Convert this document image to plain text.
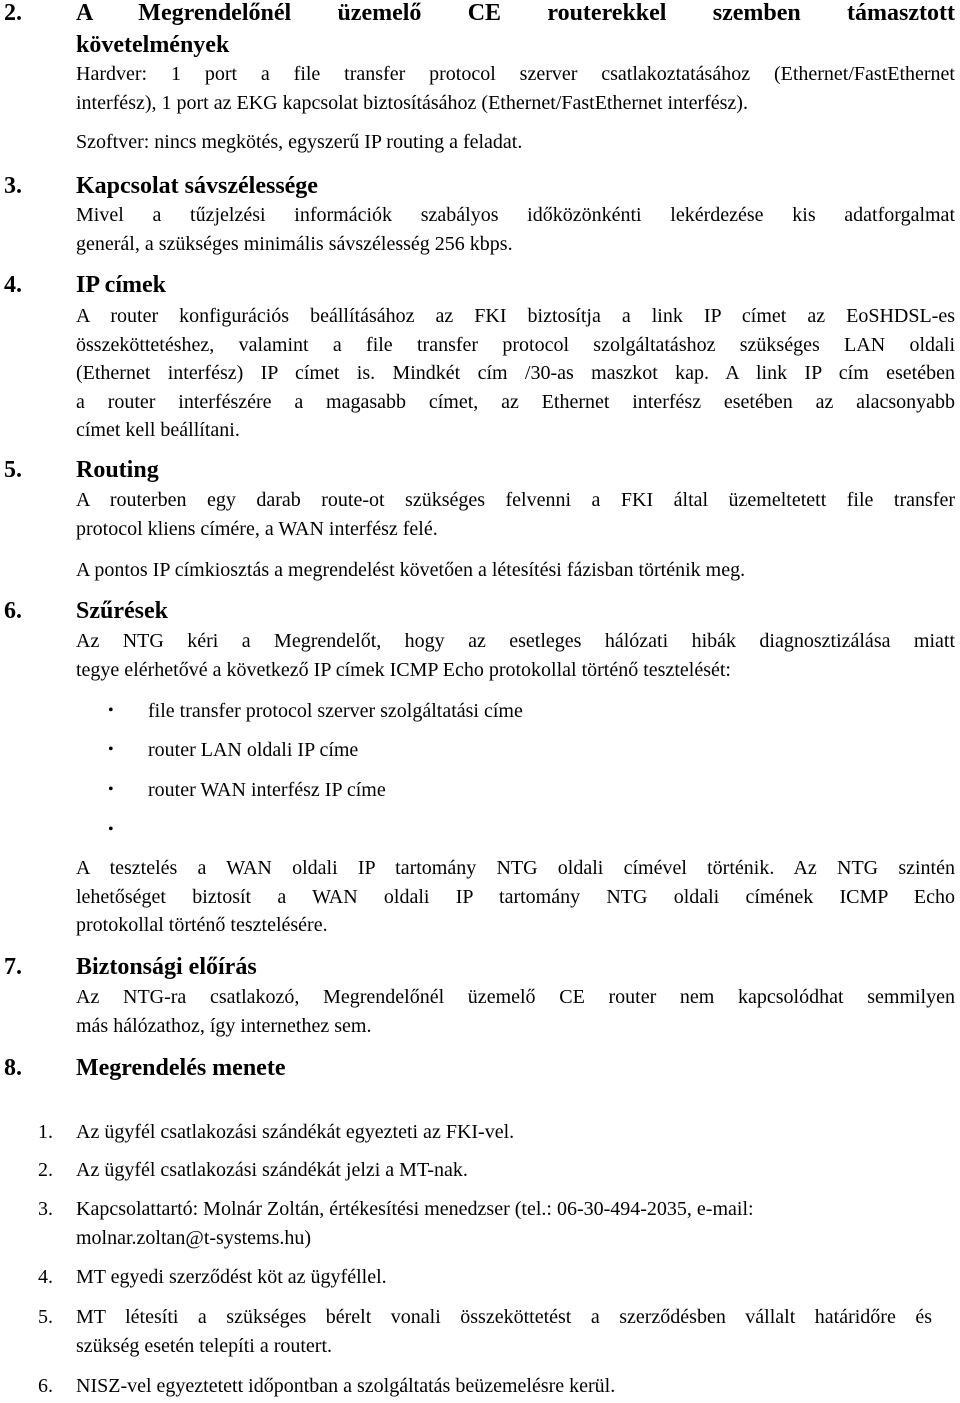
2. A Megrendelőnél üzemelő CE routerekkel szemben támasztott
követelmények
Hardver: 1 port a file transfer protocol szerver csatlakoztatásához (Ethernet/FastEthernet
interfész), 1 port az EKG kapcsolat biztosításához (Ethernet/FastEthernet interfész).
Szoftver: nincs megkötés, egyszerű IP routing a feladat.
3. Kapcsolat sávszélessége
Mivel a tűzjelzési információk szabályos időközönkénti lekérdezése kis adatforgalmat
generál, a szükséges minimális sávszélesség 256 kbps.
4. IP címek
A router konfigurációs beállításához az FKI biztosítja a link IP címet az EoSHDSL-es
összeköttetéshez, valamint a file transfer protocol szolgáltatáshoz szükséges LAN oldali
(Ethernet interfész) IP címet is. Mindkét cím /30-as maszkot kap. A link IP cím esetében
a router interfészére a magasabb címet, az Ethernet interfész esetében az alacsonyabb
címet kell beállítani.
5. Routing
A routerben egy darab route-ot szükséges felvenni a FKI által üzemeltetett file transfer
protocol kliens címére, a WAN interfész felé.
A pontos IP címkiosztás a megrendelést követően a létesítési fázisban történik meg.
6. Szűrések
Az NTG kéri a Megrendelőt, hogy az esetleges hálózati hibák diagnosztizálása miatt
tegye elérhetővé a következő IP címek ICMP Echo protokollal történő tesztelését:
• file transfer protocol szerver szolgáltatási címe
• router LAN oldali IP címe
• router WAN interfész IP címe
•
A tesztelés a WAN oldali IP tartomány NTG oldali címével történik. Az NTG szintén
lehetőséget biztosít a WAN oldali IP tartomány NTG oldali címének ICMP Echo
protokollal történő tesztelésére.
7. Biztonsági előírás
Az NTG-ra csatlakozó, Megrendelőnél üzemelő CE router nem kapcsolódhat semmilyen
más hálózathoz, így internethez sem.
8. Megrendelés menete
1. Az ügyfél csatlakozási szándékát egyezteti az FKI-vel.
2. Az ügyfél csatlakozási szándékát jelzi a MT-nak.
3. Kapcsolattartó: Molnár Zoltán, értékesítési menedzser (tel.: 06-30-494-2035, e-mail:
molnar.zoltan@t-systems.hu)
4. MT egyedi szerződést köt az ügyféllel.
5. MT létesíti a szükséges bérelt vonali összeköttetést a szerződésben vállalt határidőre és
szükség esetén telepíti a routert.
6. NISZ-vel egyeztetett időpontban a szolgáltatás beüzemelésre kerül.
